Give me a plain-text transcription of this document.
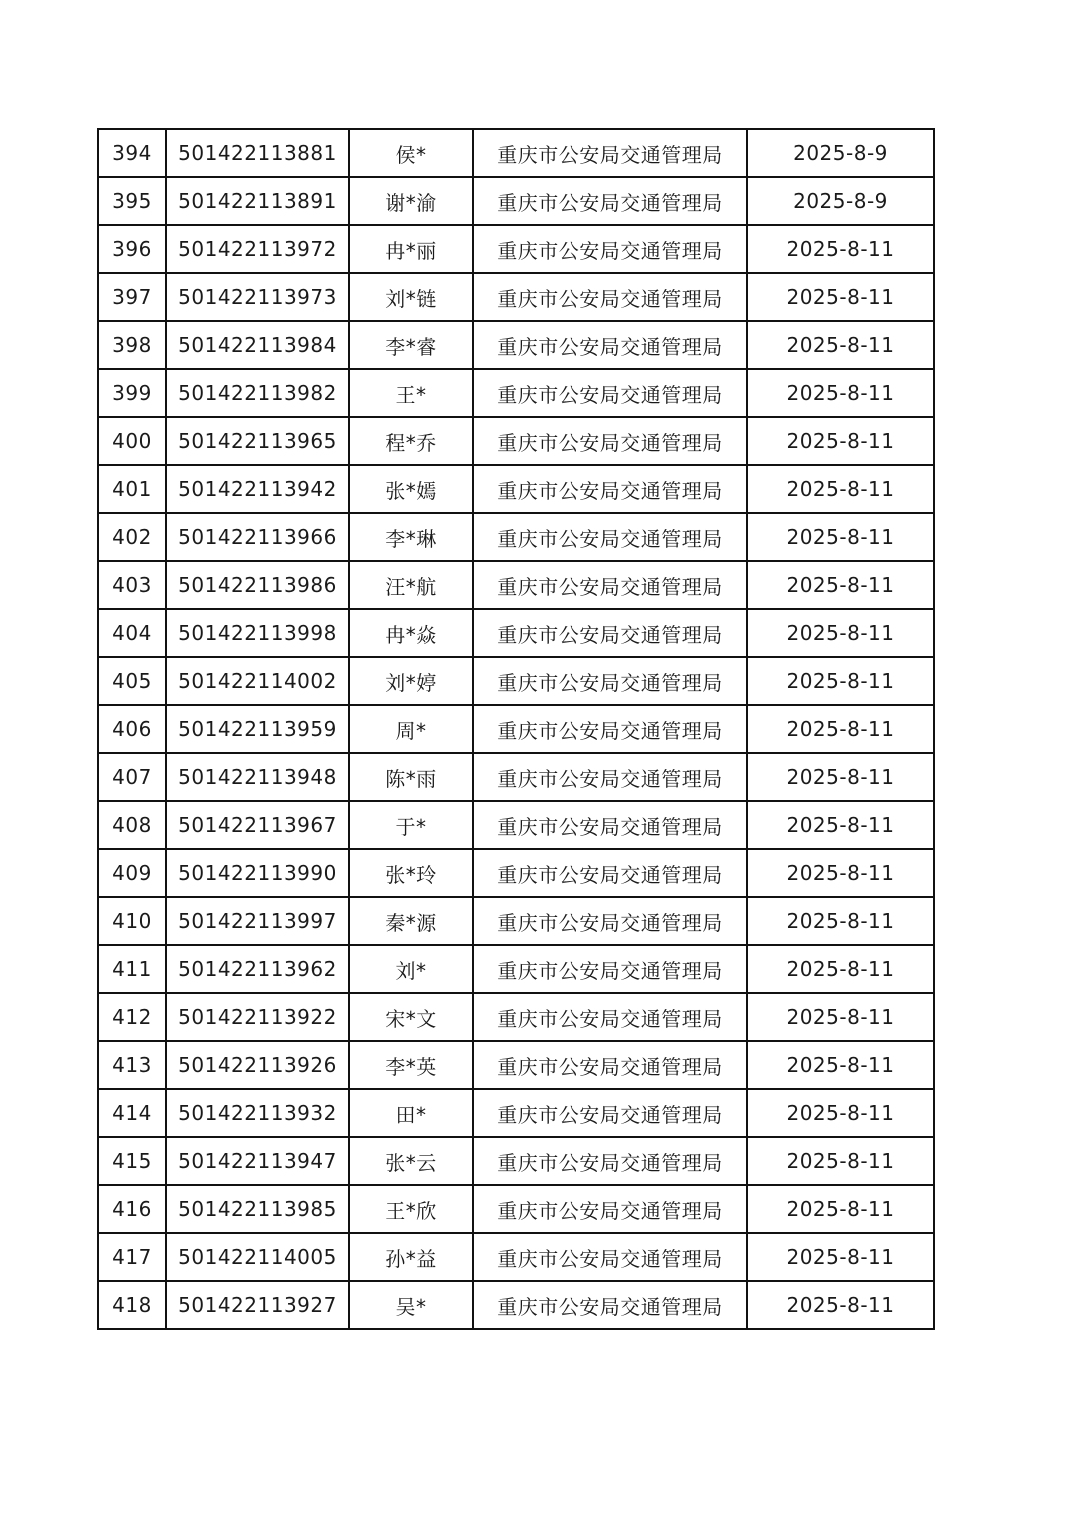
394	501422113881	侯*	重庆市公安局交通管理局	2025-8-9
395	501422113891	谢*渝	重庆市公安局交通管理局	2025-8-9
396	501422113972	冉*丽	重庆市公安局交通管理局	2025-8-11
397	501422113973	刘*链	重庆市公安局交通管理局	2025-8-11
398	501422113984	李*睿	重庆市公安局交通管理局	2025-8-11
399	501422113982	王*	重庆市公安局交通管理局	2025-8-11
400	501422113965	程*乔	重庆市公安局交通管理局	2025-8-11
401	501422113942	张*嫣	重庆市公安局交通管理局	2025-8-11
402	501422113966	李*琳	重庆市公安局交通管理局	2025-8-11
403	501422113986	汪*航	重庆市公安局交通管理局	2025-8-11
404	501422113998	冉*焱	重庆市公安局交通管理局	2025-8-11
405	501422114002	刘*婷	重庆市公安局交通管理局	2025-8-11
406	501422113959	周*	重庆市公安局交通管理局	2025-8-11
407	501422113948	陈*雨	重庆市公安局交通管理局	2025-8-11
408	501422113967	于*	重庆市公安局交通管理局	2025-8-11
409	501422113990	张*玲	重庆市公安局交通管理局	2025-8-11
410	501422113997	秦*源	重庆市公安局交通管理局	2025-8-11
411	501422113962	刘*	重庆市公安局交通管理局	2025-8-11
412	501422113922	宋*文	重庆市公安局交通管理局	2025-8-11
413	501422113926	李*英	重庆市公安局交通管理局	2025-8-11
414	501422113932	田*	重庆市公安局交通管理局	2025-8-11
415	501422113947	张*云	重庆市公安局交通管理局	2025-8-11
416	501422113985	王*欣	重庆市公安局交通管理局	2025-8-11
417	501422114005	孙*益	重庆市公安局交通管理局	2025-8-11
418	501422113927	吴*	重庆市公安局交通管理局	2025-8-11
